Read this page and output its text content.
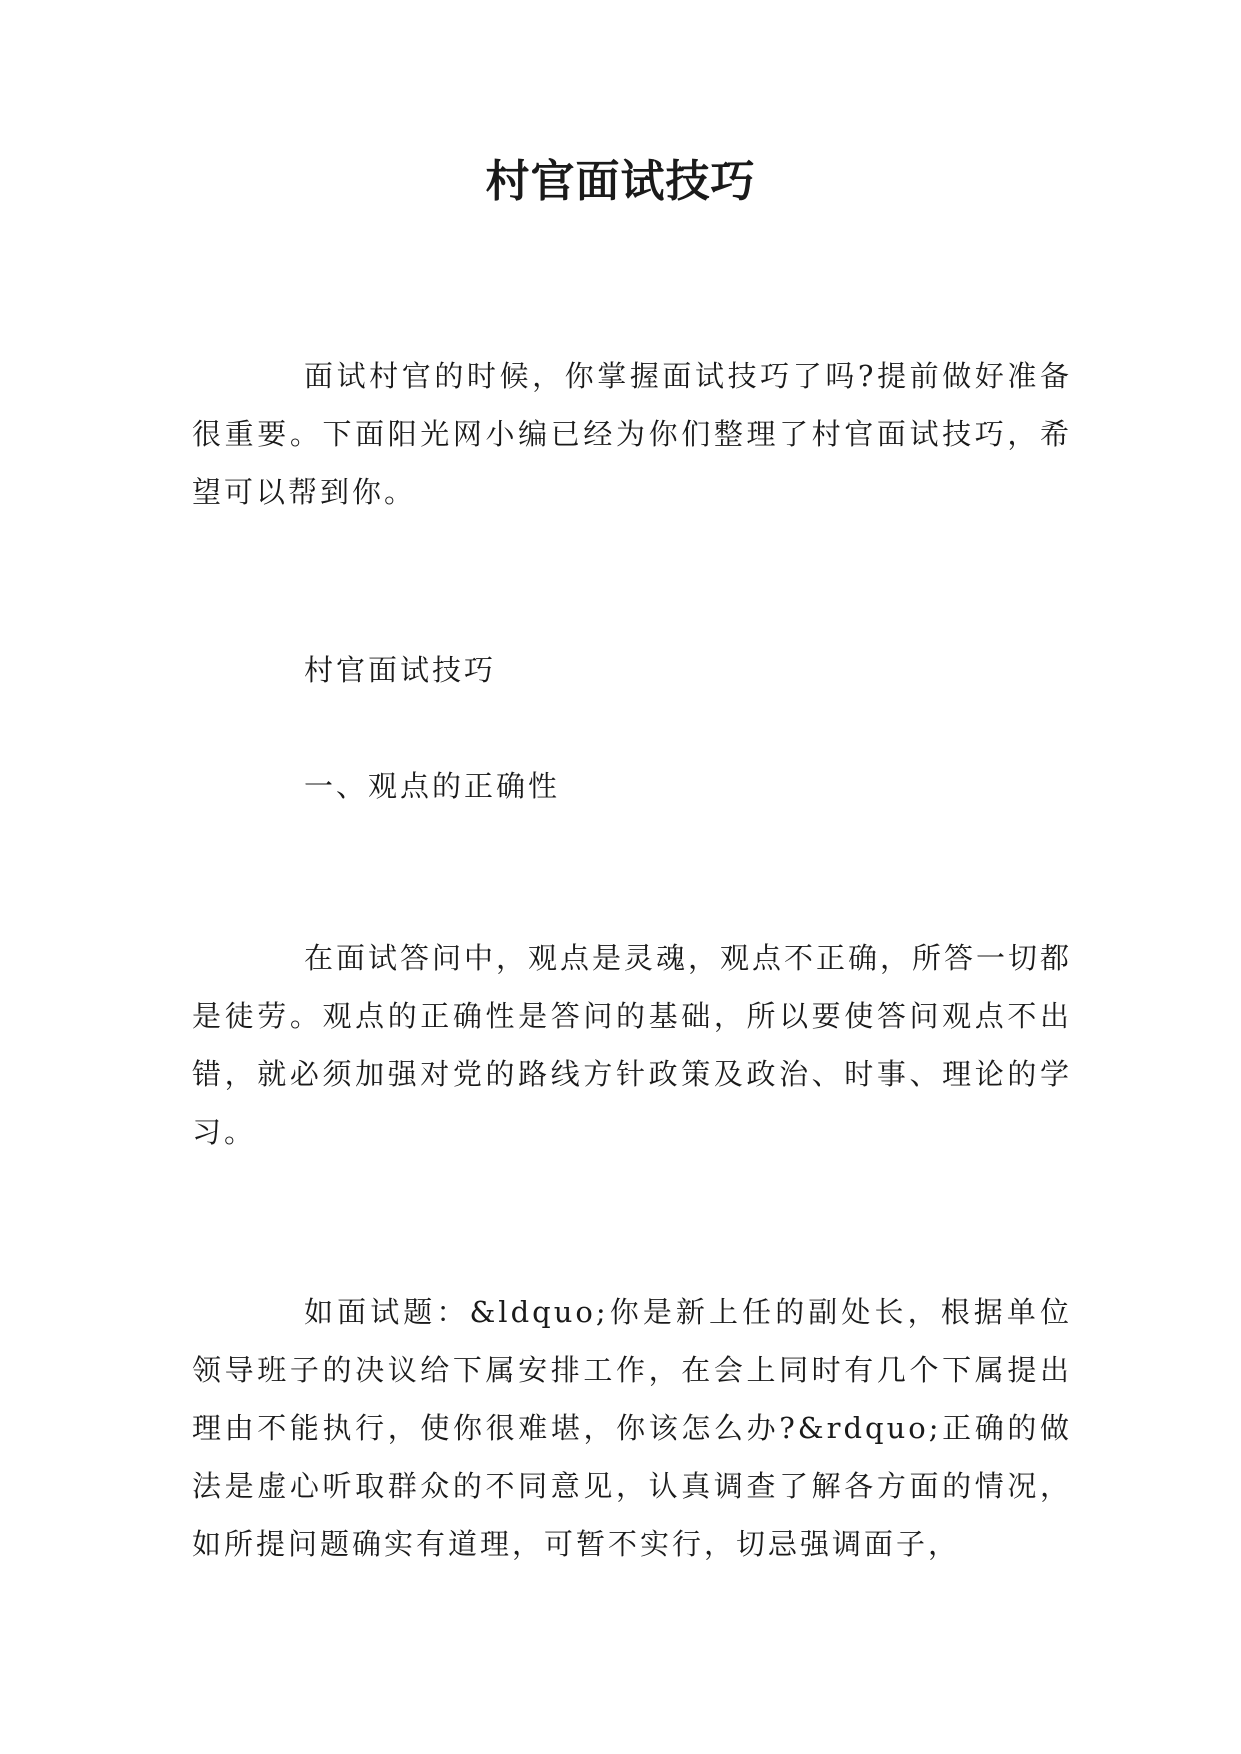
村官面试技巧

面试村官的时候，你掌握面试技巧了吗?提前做好准备很重要。下面阳光网小编已经为你们整理了村官面试技巧，希望可以帮到你。

村官面试技巧

一、观点的正确性

在面试答问中，观点是灵魂，观点不正确，所答一切都是徒劳。观点的正确性是答问的基础，所以要使答问观点不出错，就必须加强对党的路线方针政策及政治、时事、理论的学习。

如面试题：&ldquo;你是新上任的副处长，根据单位领导班子的决议给下属安排工作，在会上同时有几个下属提出理由不能执行，使你很难堪，你该怎么办?&rdquo;正确的做法是虚心听取群众的不同意见，认真调查了解各方面的情况，如所提问题确实有道理，可暂不实行，切忌强调面子，
